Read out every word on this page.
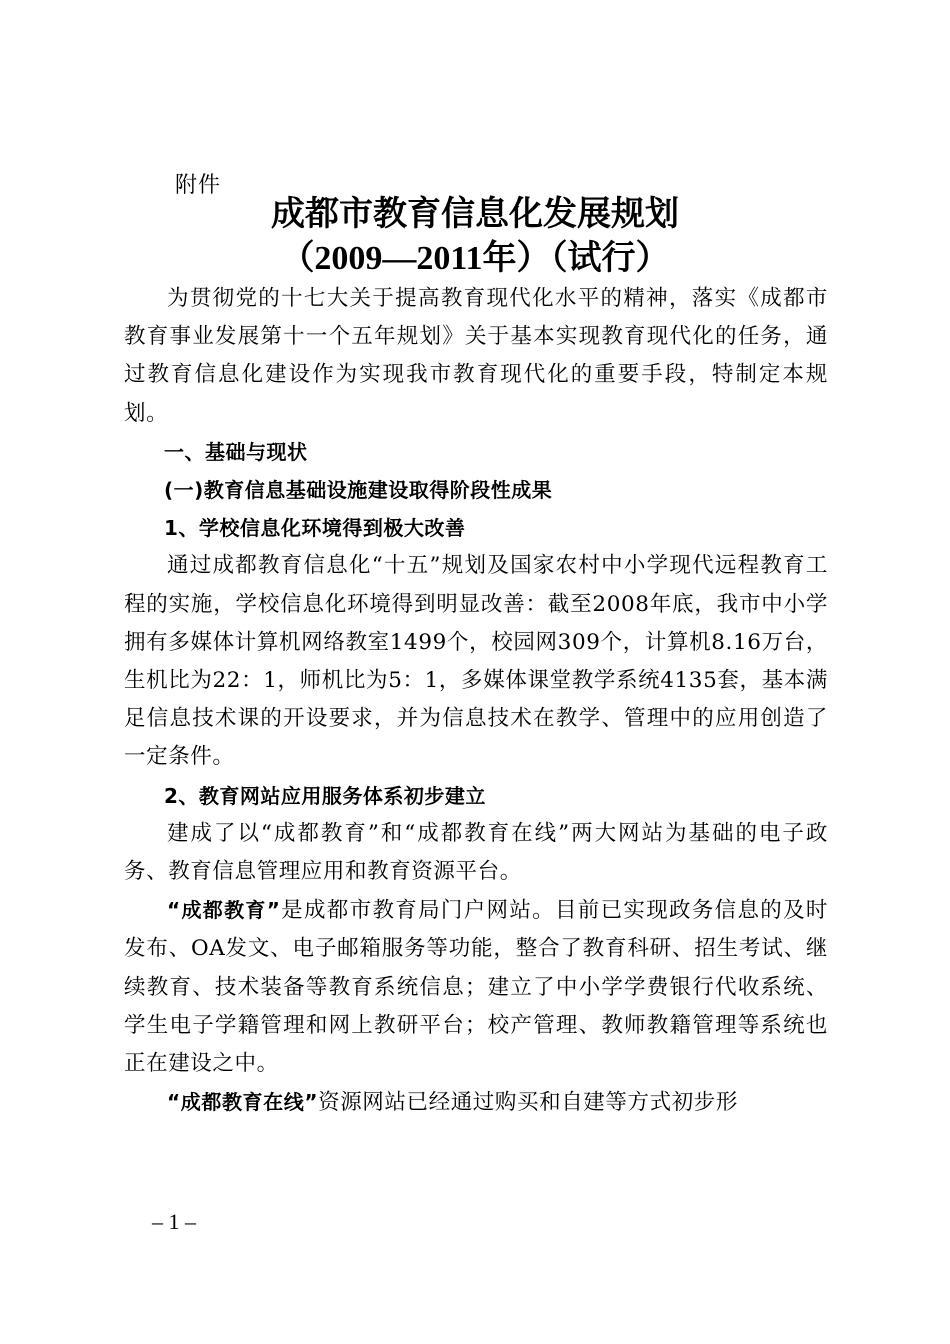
附件
成都市教育信息化发展规划
（2009—2011年）（试行）

为贯彻党的十七大关于提高教育现代化水平的精神，落实《成都市教育事业发展第十一个五年规划》关于基本实现教育现代化的任务，通过教育信息化建设作为实现我市教育现代化的重要手段，特制定本规划。

一、基础与现状

(一)教育信息基础设施建设取得阶段性成果

1、学校信息化环境得到极大改善

通过成都教育信息化“十五”规划及国家农村中小学现代远程教育工程的实施，学校信息化环境得到明显改善：截至2008年底，我市中小学拥有多媒体计算机网络教室1499个，校园网309个，计算机8.16万台，生机比为22：1，师机比为5：1，多媒体课堂教学系统4135套，基本满足信息技术课的开设要求，并为信息技术在教学、管理中的应用创造了一定条件。

2、教育网站应用服务体系初步建立

建成了以“成都教育”和“成都教育在线”两大网站为基础的电子政务、教育信息管理应用和教育资源平台。

“成都教育”是成都市教育局门户网站。目前已实现政务信息的及时发布、OA发文、电子邮箱服务等功能，整合了教育科研、招生考试、继续教育、技术装备等教育系统信息；建立了中小学学费银行代收系统、学生电子学籍管理和网上教研平台；校产管理、教师教籍管理等系统也正在建设之中。

“成都教育在线”资源网站已经通过购买和自建等方式初步形

– 1 –
